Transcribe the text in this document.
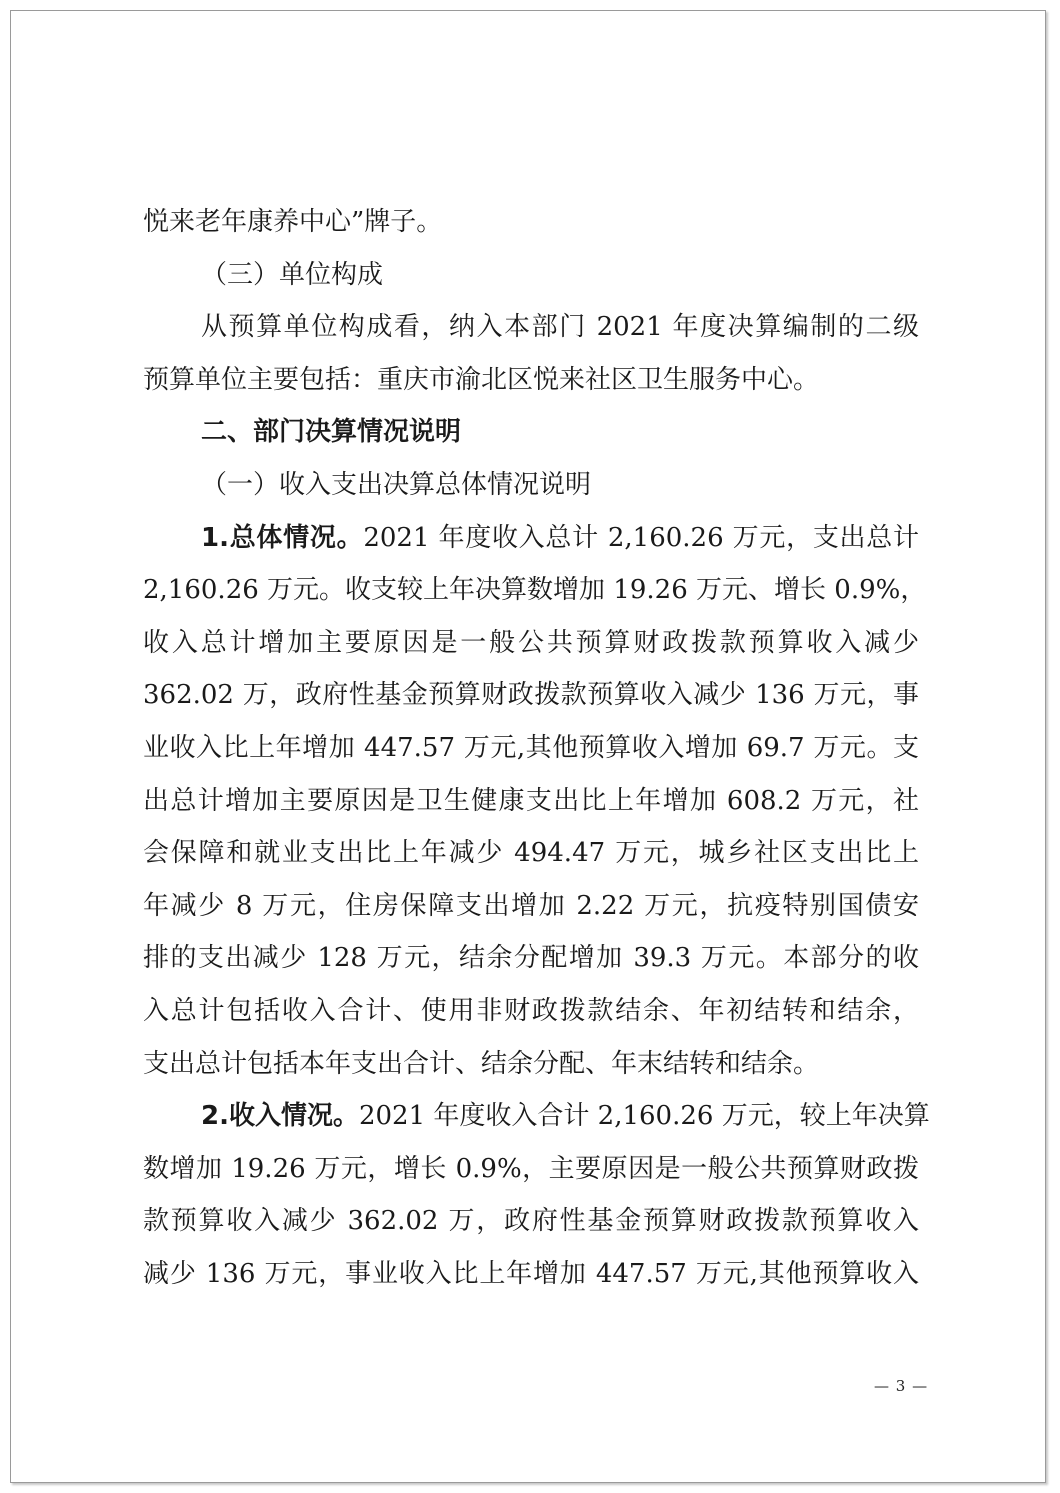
悦来老年康养中心”牌子。
（三）单位构成
从预算单位构成看，纳入本部门 2021 年度决算编制的二级
预算单位主要包括：重庆市渝北区悦来社区卫生服务中心。
二、部门决算情况说明
（一）收入支出决算总体情况说明
1.总体情况。2021 年度收入总计 2,160.26 万元，支出总计
2,160.26 万元。收支较上年决算数增加 19.26 万元、增长 0.9%，
收入总计增加主要原因是一般公共预算财政拨款预算收入减少
362.02 万，政府性基金预算财政拨款预算收入减少 136 万元，事
业收入比上年增加 447.57 万元,其他预算收入增加 69.7 万元。支
出总计增加主要原因是卫生健康支出比上年增加 608.2 万元，社
会保障和就业支出比上年减少 494.47 万元，城乡社区支出比上
年减少 8 万元，住房保障支出增加 2.22 万元，抗疫特别国债安
排的支出减少 128 万元，结余分配增加 39.3 万元。本部分的收
入总计包括收入合计、使用非财政拨款结余、年初结转和结余，
支出总计包括本年支出合计、结余分配、年末结转和结余。
2.收入情况。2021 年度收入合计 2,160.26 万元，较上年决算
数增加 19.26 万元，增长 0.9%，主要原因是一般公共预算财政拨
款预算收入减少 362.02 万，政府性基金预算财政拨款预算收入
减少 136 万元，事业收入比上年增加 447.57 万元,其他预算收入
— 3 —
